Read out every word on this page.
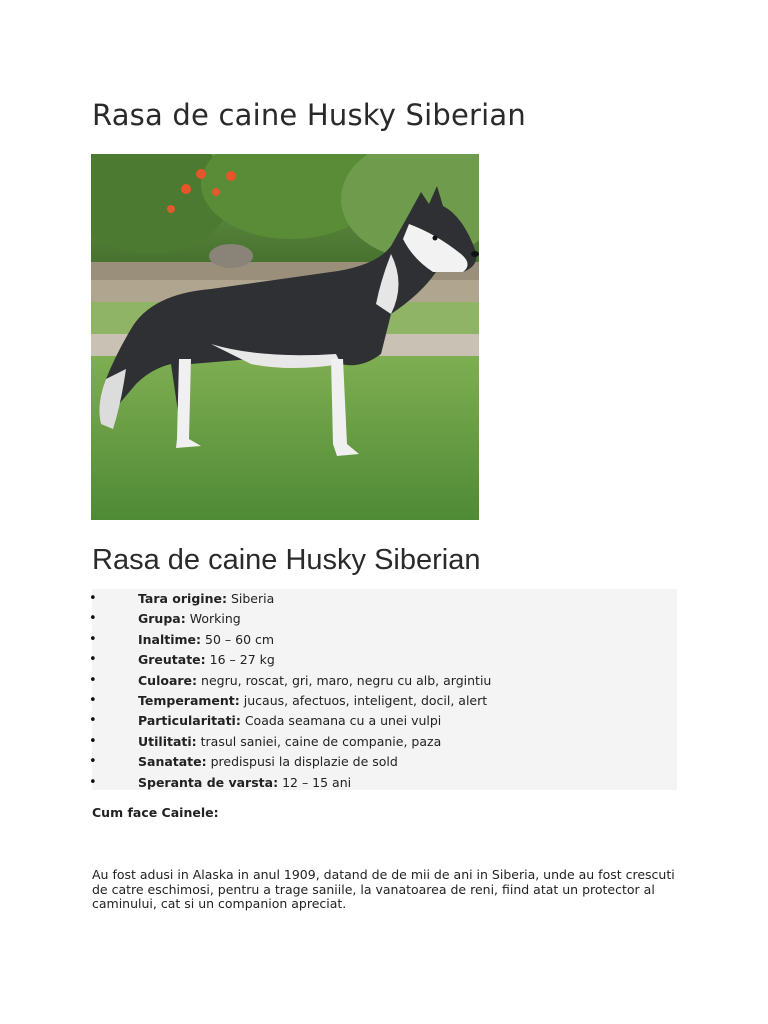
Rasa de caine Husky Siberian
Rasa de caine Husky Siberian
•	Tara origine: Siberia
•	Grupa: Working
•	Inaltime: 50 – 60 cm
•	Greutate: 16 – 27 kg
•	Culoare: negru, roscat, gri, maro, negru cu alb, argintiu
•	Temperament: jucaus, afectuos, inteligent, docil, alert
•	Particularitati: Coada seamana cu a unei vulpi
•	Utilitati: trasul saniei, caine de companie, paza
•	Sanatate: predispusi la displazie de sold
•	Speranta de varsta: 12 – 15 ani

Cum face Cainele:

Au fost adusi in Alaska in anul 1909, datand de de mii de ani in Siberia, unde au fost crescuti de catre eschimosi, pentru a trage saniile, la vanatoarea de reni, fiind atat un protector al caminului, cat si un companion apreciat.
